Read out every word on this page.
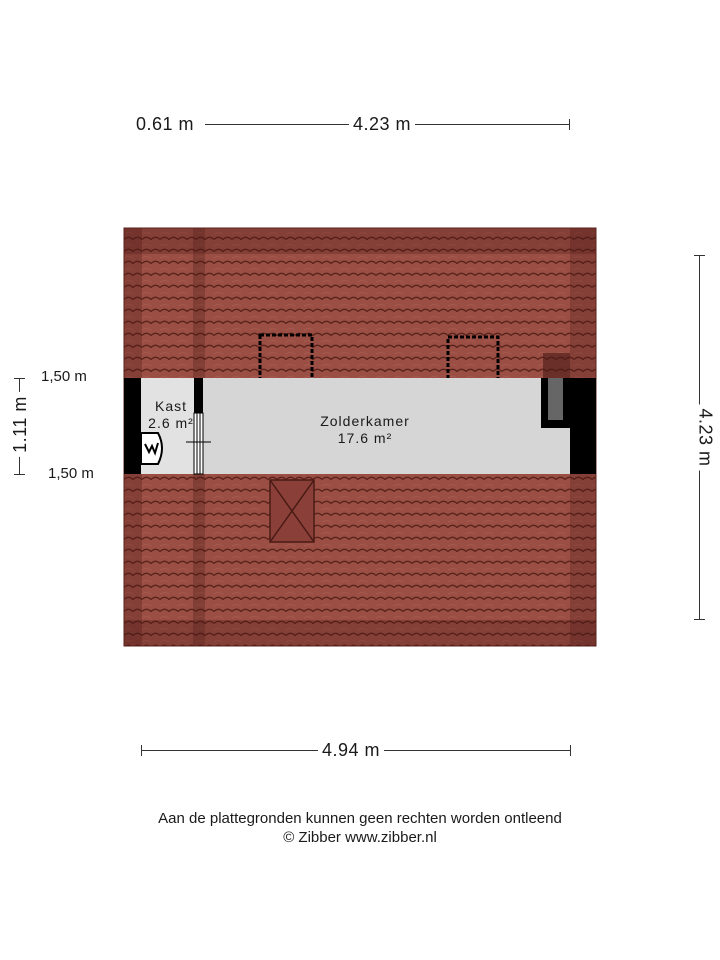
0.61 m	4.23 m
Kast
2.6 m²	Zolderkamer
17.6 m²
1.11 m
1,50 m
1,50 m
4.23 m
4.94 m
Aan de plattegronden kunnen geen rechten worden ontleend
© Zibber www.zibber.nl
